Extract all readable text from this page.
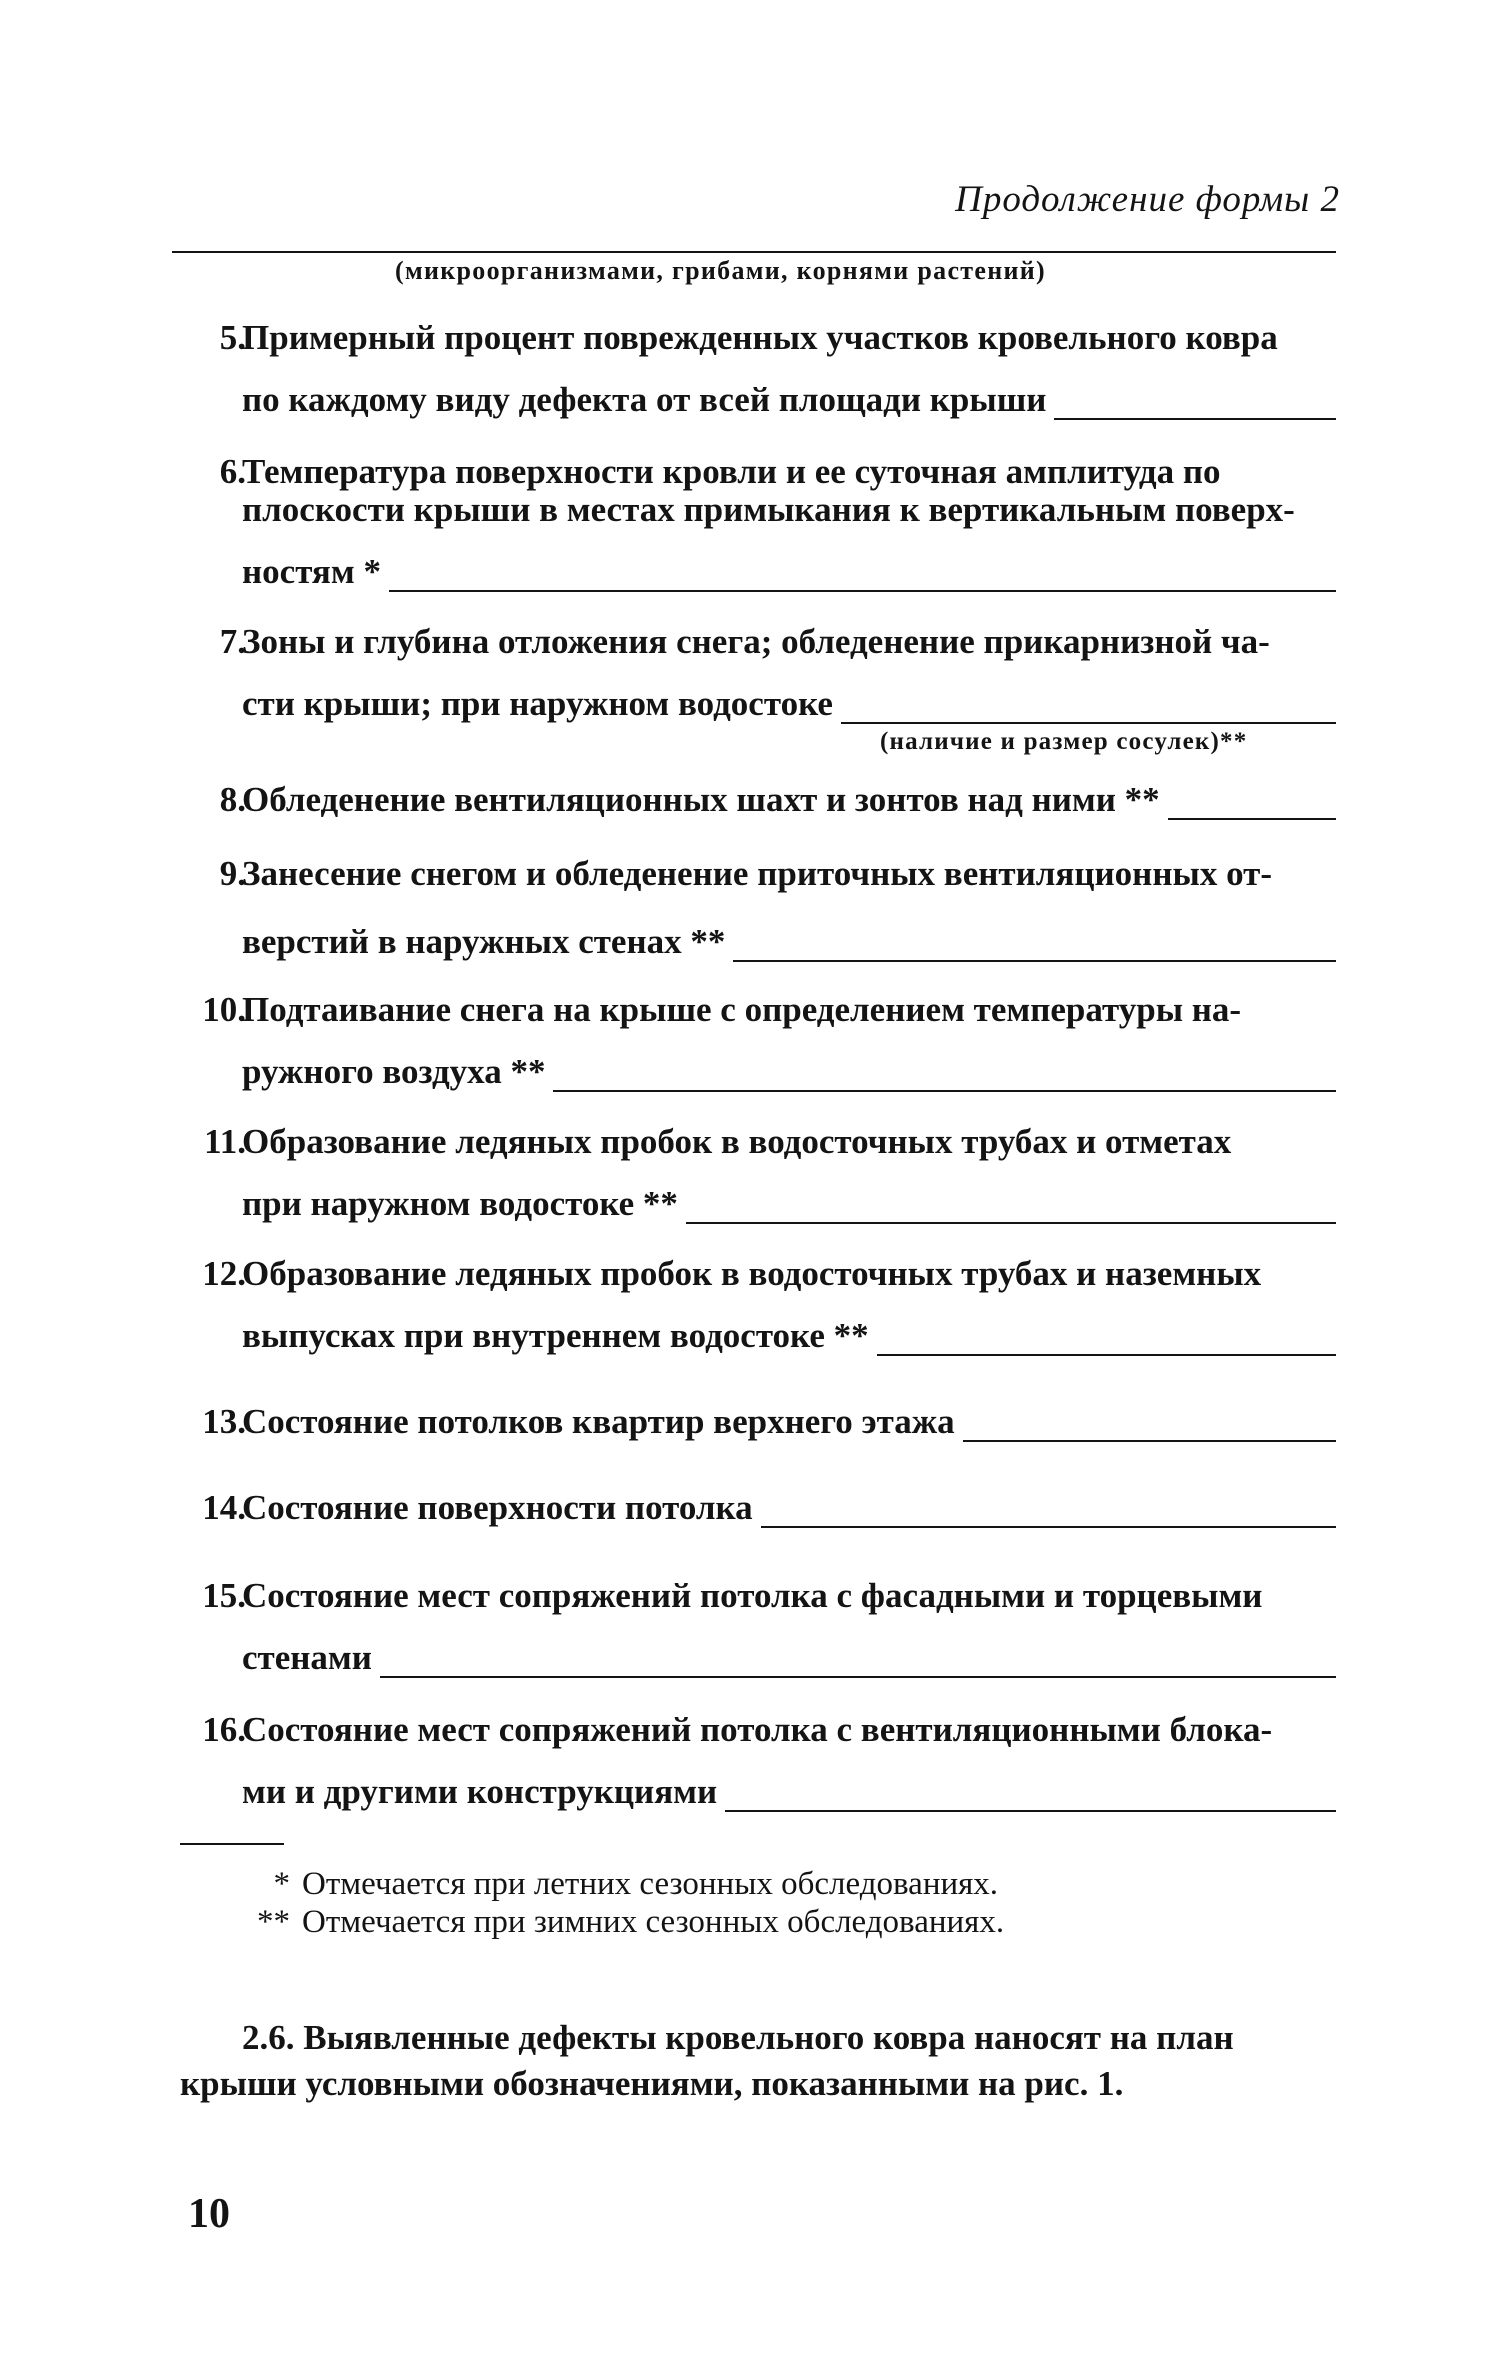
Продолжение формы 2
(микроорганизмами, грибами, корнями растений)
5.
Примерный процент поврежденных участков кровельного ковра
по каждому виду дефекта от всей площади крыши
6.
Температура поверхности кровли и ее суточная амплитуда по
плоскости крыши в местах примыкания к вертикальным поверх-
ностям *
7.
Зоны и глубина отложения снега; обледенение прикарнизной ча-
сти крыши; при наружном водостоке
(наличие и размер сосулек)**
8.
Обледенение вентиляционных шахт и зонтов над ними **
9.
Занесение снегом и обледенение приточных вентиляционных от-
верстий в наружных стенах **
10.
Подтаивание снега на крыше с определением температуры на-
ружного воздуха **
11.
Образование ледяных пробок в водосточных трубах и отметах
при наружном водостоке **
12.
Образование ледяных пробок в водосточных трубах и наземных
выпусках при внутреннем водостоке **
13.
Состояние потолков квартир верхнего этажа
14.
Состояние поверхности потолка
15.
Состояние мест сопряжений потолка с фасадными и торцевыми
стенами
16.
Состояние мест сопряжений потолка с вентиляционными блока-
ми и другими конструкциями
* Отмечается при летних сезонных обследованиях.
** Отмечается при зимних сезонных обследованиях.
2.6. Выявленные дефекты кровельного ковра наносят на план
крыши условными обозначениями, показанными на рис. 1.
10
